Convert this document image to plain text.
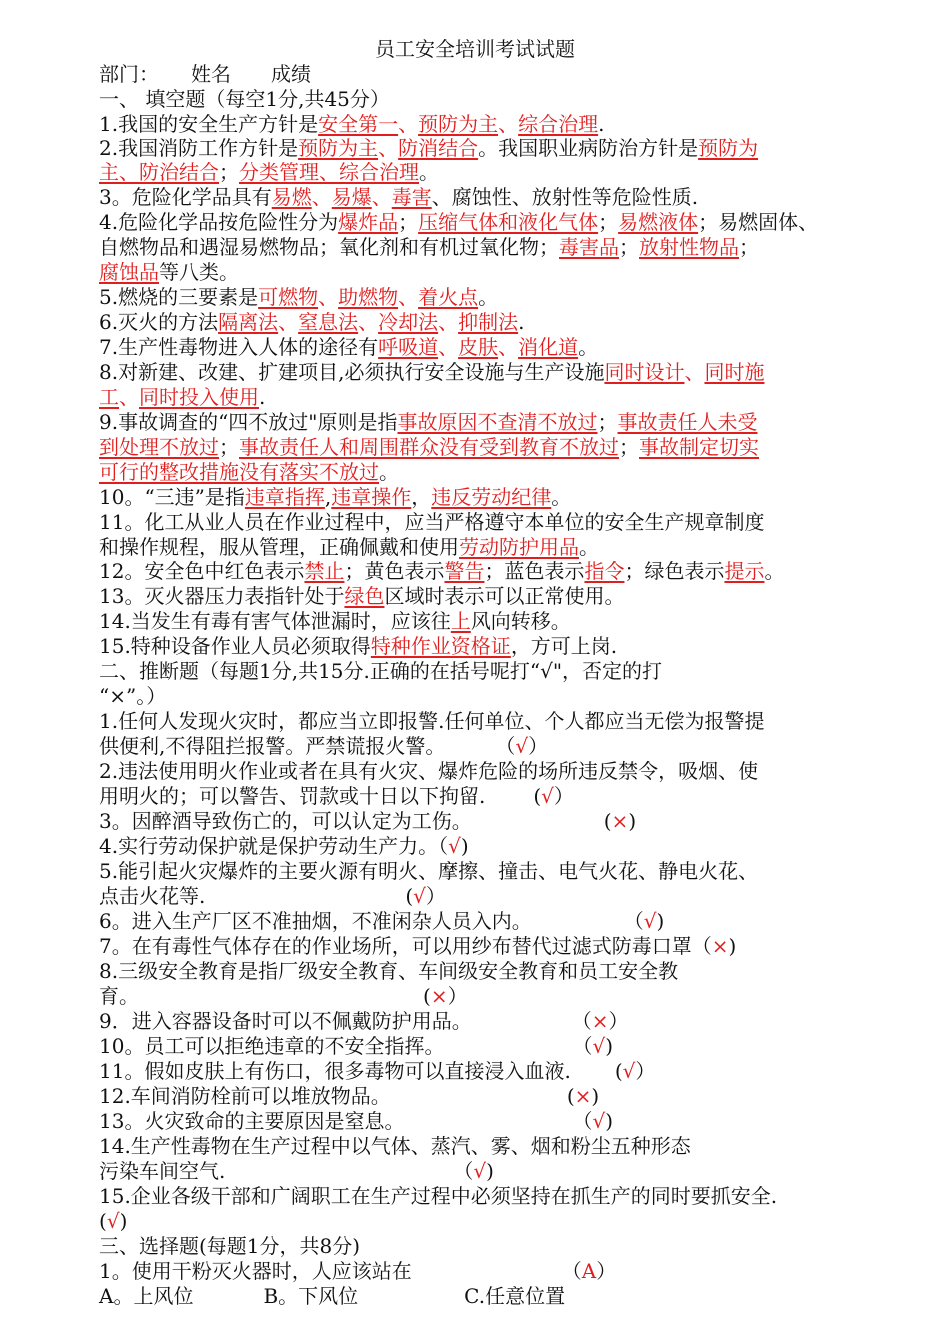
员工安全培训考试试题
部门： 姓名 成绩
一、 填空题（每空1分,共45分）
1.我国的安全生产方针是安全第一、预防为主、综合治理.
2.我国消防工作方针是预防为主、防消结合。我国职业病防治方针是预防为
主、防治结合；分类管理、综合治理。
3。危险化学品具有易燃、易爆、毒害、腐蚀性、放射性等危险性质.
4.危险化学品按危险性分为爆炸品；压缩气体和液化气体；易燃液体；易燃固体、
自燃物品和遇湿易燃物品；氧化剂和有机过氧化物；毒害品；放射性物品；
腐蚀品等八类。
5.燃烧的三要素是可燃物、助燃物、着火点。
6.灭火的方法隔离法、窒息法、冷却法、抑制法.
7.生产性毒物进入人体的途径有呼吸道、皮肤、消化道。
8.对新建、改建、扩建项目,必须执行安全设施与生产设施同时设计、同时施
工、同时投入使用.
9.事故调查的“四不放过"原则是指事故原因不查清不放过；事故责任人未受
到处理不放过；事故责任人和周围群众没有受到教育不放过；事故制定切实
可行的整改措施没有落实不放过。
10。“三违”是指违章指挥,违章操作，违反劳动纪律。
11。化工从业人员在作业过程中，应当严格遵守本单位的安全生产规章制度
和操作规程，服从管理，正确佩戴和使用劳动防护用品。
12。安全色中红色表示禁止；黄色表示警告；蓝色表示指令；绿色表示提示。
13。灭火器压力表指针处于绿色区域时表示可以正常使用。
14.当发生有毒有害气体泄漏时，应该往上风向转移。
15.特种设备作业人员必须取得特种作业资格证，方可上岗.
二、推断题（每题1分,共15分.正确的在括号呢打“√"，否定的打
“×”。）
1.任何人发现火灾时，都应当立即报警.任何单位、个人都应当无偿为报警提
供便利,不得阻拦报警。严禁谎报火警。	（√）
2.违法使用明火作业或者在具有火灾、爆炸危险的场所违反禁令，吸烟、使
用明火的；可以警告、罚款或十日以下拘留. (√）
3。因醉酒导致伤亡的，可以认定为工伤。	(×)
4.实行劳动保护就是保护劳动生产力。（√)
5.能引起火灾爆炸的主要火源有明火、摩擦、撞击、电气火花、静电火花、
点击火花等.	(√）
6。进入生产厂区不准抽烟，不准闲杂人员入内。	（√)
7。在有毒性气体存在的作业场所，可以用纱布替代过滤式防毒口罩（×)
8.三级安全教育是指厂级安全教育、车间级安全教育和员工安全教
育。	(×）
9．进入容器设备时可以不佩戴防护用品。	（×）
10。员工可以拒绝违章的不安全指挥。	（√)
11。假如皮肤上有伤口，很多毒物可以直接浸入血液. (√）
12.车间消防栓前可以堆放物品。	(×)
13。火灾致命的主要原因是窒息。	（√)
14.生产性毒物在生产过程中以气体、蒸汽、雾、烟和粉尘五种形态
污染车间空气.	（√)
15.企业各级干部和广阔职工在生产过程中必须坚持在抓生产的同时要抓安全.
(√)
三、选择题(每题1分，共8分)
1。使用干粉灭火器时，人应该站在	（A）
A。上风位	B。下风位	C.任意位置
